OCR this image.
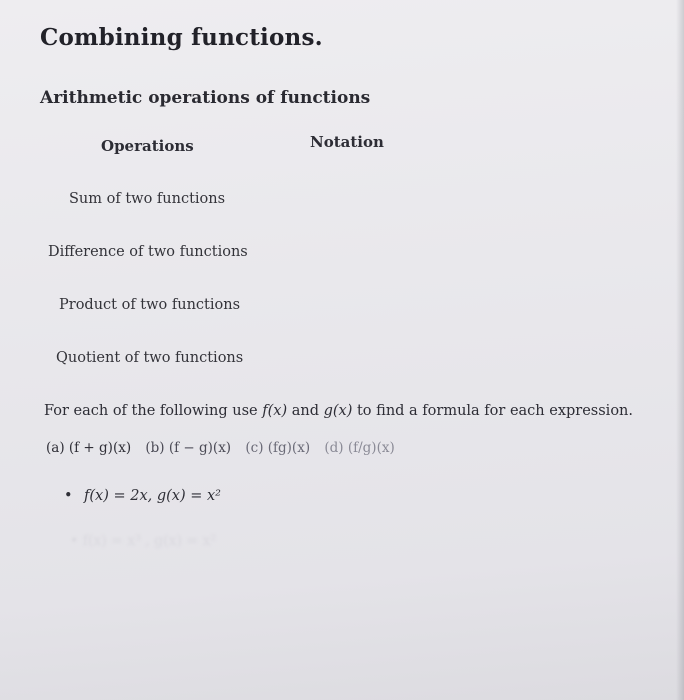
Combining functions.
Arithmetic operations of functions
Operations	Notation
Sum of two functions
Difference of two functions
Product of two functions
Quotient of two functions
For each of the following use f(x) and g(x) to find a formula for each expression.
(a) (f + g)(x) (b) (f − g)(x) (c) (fg)(x) (d) (f/g)(x)
• f(x) = 2x, g(x) = x²
• f(x) = x³ , g(x) = x²
